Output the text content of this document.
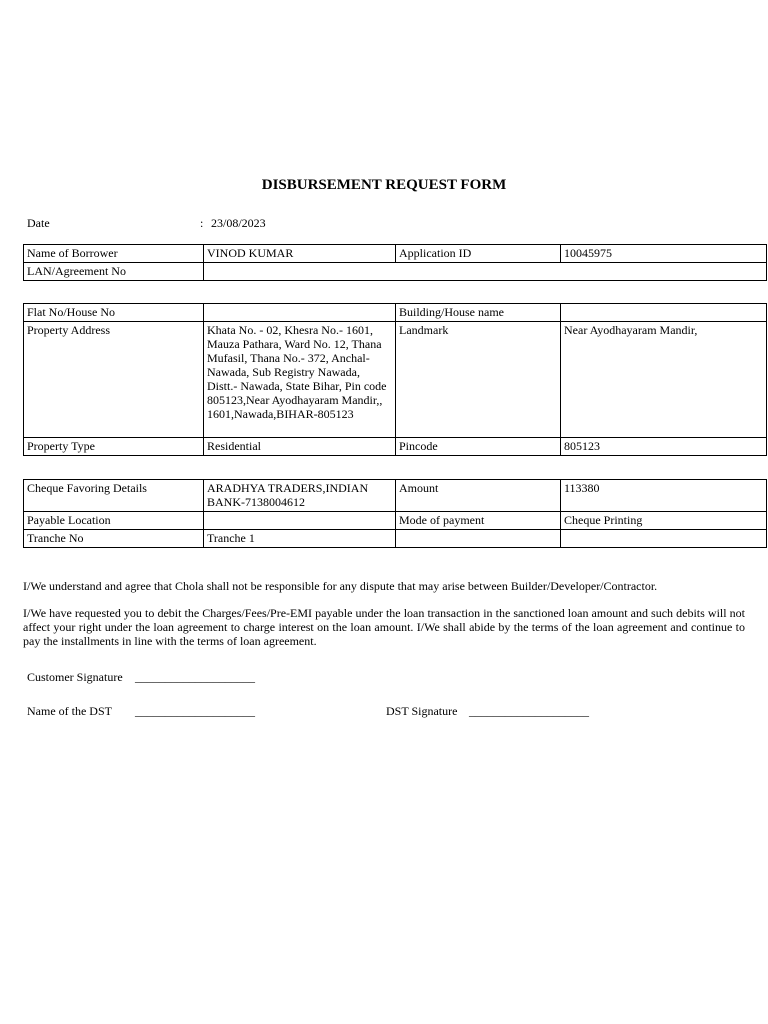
DISBURSEMENT REQUEST FORM
Date	: 23/08/2023
Name of Borrower	VINOD KUMAR	Application ID	10045975
LAN/Agreement No			
Flat No/House No		Building/House name	
Property Address	Khata No. - 02, Khesra No.- 1601, Mauza Pathara, Ward No. 12, Thana Mufasil, Thana No.- 372, Anchal- Nawada, Sub Registry Nawada, Distt.- Nawada, State Bihar, Pin code 805123,Near Ayodhayaram Mandir,, 1601,Nawada,BIHAR-805123	Landmark	Near Ayodhayaram Mandir,
Property Type	Residential	Pincode	805123
Cheque Favoring Details	ARADHYA TRADERS,INDIAN BANK-7138004612	Amount	113380
Payable Location		Mode of payment	Cheque Printing
Tranche No	Tranche 1		
I/We understand and agree that Chola shall not be responsible for any dispute that may arise between Builder/Developer/Contractor.
I/We have requested you to debit the Charges/Fees/Pre-EMI payable under the loan transaction in the sanctioned loan amount and such debits will not affect your right under the loan agreement to charge interest on the loan amount. I/We shall abide by the terms of the loan agreement and continue to pay the installments in line with the terms of loan agreement.
Customer Signature ____________________
Name of the DST ____________________	DST Signature ____________________
